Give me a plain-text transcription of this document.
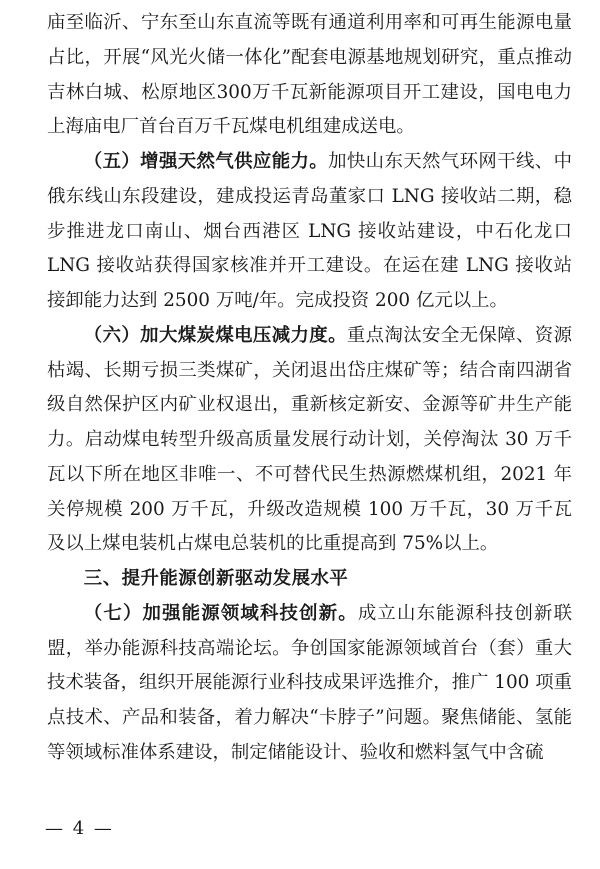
庙至临沂、宁东至山东直流等既有通道利用率和可再生能源电量占比，开展“风光火储一体化”配套电源基地规划研究，重点推动吉林白城、松原地区300万千瓦新能源项目开工建设，国电电力上海庙电厂首台百万千瓦煤电机组建成送电。

（五）增强天然气供应能力。加快山东天然气环网干线、中俄东线山东段建设，建成投运青岛董家口 LNG 接收站二期，稳步推进龙口南山、烟台西港区 LNG 接收站建设，中石化龙口 LNG 接收站获得国家核准并开工建设。在运在建 LNG 接收站接卸能力达到 2500 万吨/年。完成投资 200 亿元以上。

（六）加大煤炭煤电压减力度。重点淘汰安全无保障、资源枯竭、长期亏损三类煤矿，关闭退出岱庄煤矿等；结合南四湖省级自然保护区内矿业权退出，重新核定新安、金源等矿井生产能力。启动煤电转型升级高质量发展行动计划，关停淘汰 30 万千瓦以下所在地区非唯一、不可替代民生热源燃煤机组，2021 年关停规模 200 万千瓦，升级改造规模 100 万千瓦，30 万千瓦及以上煤电装机占煤电总装机的比重提高到 75%以上。

三、提升能源创新驱动发展水平

（七）加强能源领域科技创新。成立山东能源科技创新联盟，举办能源科技高端论坛。争创国家能源领域首台（套）重大技术装备，组织开展能源行业科技成果评选推介，推广 100 项重点技术、产品和装备，着力解决“卡脖子”问题。聚焦储能、氢能等领域标准体系建设，制定储能设计、验收和燃料氢气中含硫

— 4 —
